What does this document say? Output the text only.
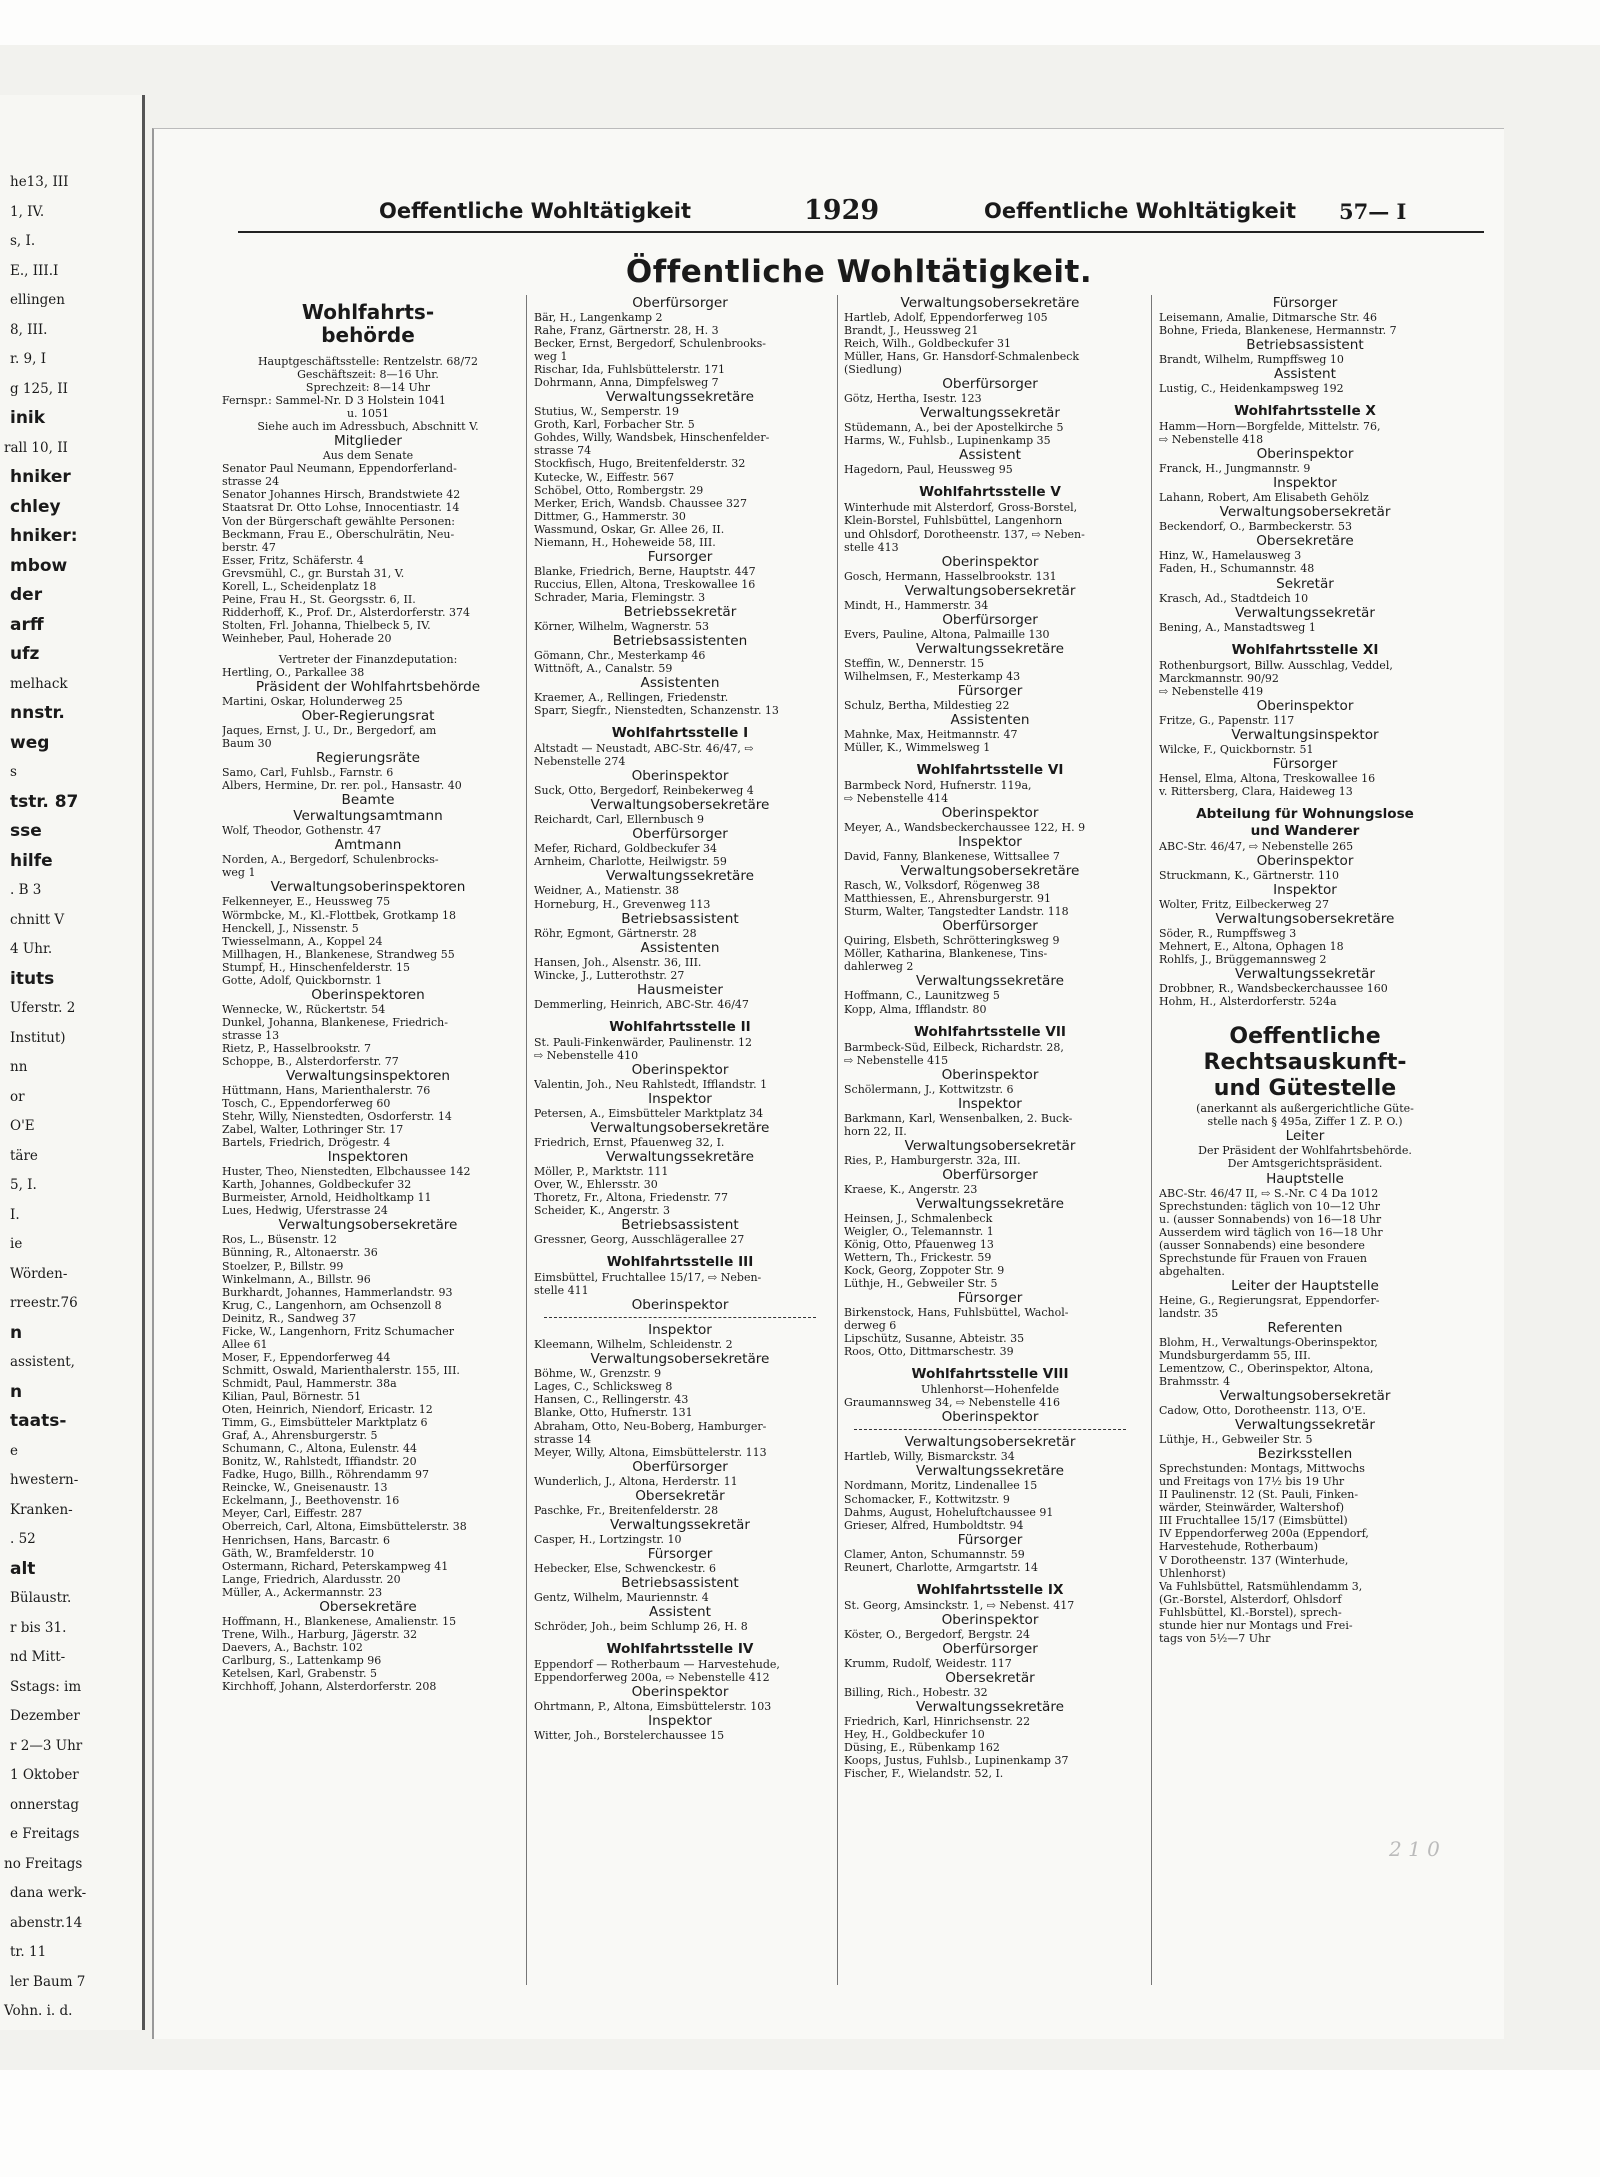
he13, III
1, IV.
s, I.
E., III.I
ellingen
8, III.
r. 9, I
g 125, II
inik
rall 10, II
hniker
chley
hniker:
mbow
der
arff
ufz
melhack
nnstr.
weg
s
tstr. 87
sse
hilfe
. B 3
chnitt V
4 Uhr.
ituts
Uferstr. 2
Institut)
nn
or
O'E
täre
5, I.
I.
ie
Wörden-
rreestr.76
n
assistent,
n
taats-
e
hwestern-
Kranken-
. 52
alt
Bülaustr.
r bis 31.
nd Mitt-
Sstags: im
Dezember
r 2—3 Uhr
1 Oktober
onnerstag
e Freitags
no Freitags
dana werk-
abenstr.14
tr. 11
ler Baum 7
Vohn. i. d.
Oeffentliche Wohltätigkeit	1929	Oeffentliche Wohltätigkeit 57— I
Öffentliche Wohltätigkeit.
Wohlfahrts-
behörde
Hauptgeschäftsstelle: Rentzelstr. 68/72
Geschäftszeit: 8—16 Uhr.
Sprechzeit: 8—14 Uhr
Fernspr.: Sammel-Nr. D 3 Holstein 1041
u. 1051
Siehe auch im Adressbuch, Abschnitt V.
Mitglieder
Aus dem Senate
Senator Paul Neumann, Eppendorferland-
strasse 24
Senator Johannes Hirsch, Brandstwiete 42
Staatsrat Dr. Otto Lohse, Innocentiastr. 14
Von der Bürgerschaft gewählte Personen:
Beckmann, Frau E., Oberschulrätin, Neu-
berstr. 47
Esser, Fritz, Schäferstr. 4
Grevsmühl, C., gr. Burstah 31, V.
Korell, L., Scheidenplatz 18
Peine, Frau H., St. Georgsstr. 6, II.
Ridderhoff, K., Prof. Dr., Alsterdorferstr. 374
Stolten, Frl. Johanna, Thielbeck 5, IV.
Weinheber, Paul, Hoherade 20
Vertreter der Finanzdeputation:
Hertling, O., Parkallee 38
Präsident der Wohlfahrtsbehörde
Martini, Oskar, Holunderweg 25
Ober-Regierungsrat
Jaques, Ernst, J. U., Dr., Bergedorf, am
Baum 30
Regierungsräte
Samo, Carl, Fuhlsb., Farnstr. 6
Albers, Hermine, Dr. rer. pol., Hansastr. 40
Beamte
Verwaltungsamtmann
Wolf, Theodor, Gothenstr. 47
Amtmann
Norden, A., Bergedorf, Schulenbrocks-
weg 1
Verwaltungsoberinspektoren
Felkenneyer, E., Heussweg 75
Wörmbcke, M., Kl.-Flottbek, Grotkamp 18
Henckell, J., Nissenstr. 5
Twiesselmann, A., Koppel 24
Millhagen, H., Blankenese, Strandweg 55
Stumpf, H., Hinschenfelderstr. 15
Gotte, Adolf, Quickbornstr. 1
Oberinspektoren
Wennecke, W., Rückertstr. 54
Dunkel, Johanna, Blankenese, Friedrich-
strasse 13
Rietz, P., Hasselbrookstr. 7
Schoppe, B., Alsterdorferstr. 77
Verwaltungsinspektoren
Hüttmann, Hans, Marienthalerstr. 76
Tosch, C., Eppendorferweg 60
Stehr, Willy, Nienstedten, Osdorferstr. 14
Zabel, Walter, Lothringer Str. 17
Bartels, Friedrich, Drögestr. 4
Inspektoren
Huster, Theo, Nienstedten, Elbchaussee 142
Karth, Johannes, Goldbeckufer 32
Burmeister, Arnold, Heidholtkamp 11
Lues, Hedwig, Uferstrasse 24
Verwaltungsobersekretäre
Ros, L., Büsenstr. 12
Bünning, R., Altonaerstr. 36
Stoelzer, P., Billstr. 99
Winkelmann, A., Billstr. 96
Burkhardt, Johannes, Hammerlandstr. 93
Krug, C., Langenhorn, am Ochsenzoll 8
Deinitz, R., Sandweg 37
Ficke, W., Langenhorn, Fritz Schumacher
Allee 61
Moser, F., Eppendorferweg 44
Schmitt, Oswald, Marienthalerstr. 155, III.
Schmidt, Paul, Hammerstr. 38a
Kilian, Paul, Börnestr. 51
Oten, Heinrich, Niendorf, Ericastr. 12
Timm, G., Eimsbütteler Marktplatz 6
Graf, A., Ahrensburgerstr. 5
Schumann, C., Altona, Eulenstr. 44
Bonitz, W., Rahlstedt, Iffiandstr. 20
Fadke, Hugo, Billh., Röhrendamm 97
Reincke, W., Gneisenaustr. 13
Eckelmann, J., Beethovenstr. 16
Meyer, Carl, Eiffestr. 287
Oberreich, Carl, Altona, Eimsbüttelerstr. 38
Henrichsen, Hans, Barcastr. 6
Gäth, W., Bramfelderstr. 10
Ostermann, Richard, Peterskampweg 41
Lange, Friedrich, Alardusstr. 20
Müller, A., Ackermannstr. 23
Obersekretäre
Hoffmann, H., Blankenese, Amalienstr. 15
Trene, Wilh., Harburg, Jägerstr. 32
Daevers, A., Bachstr. 102
Carlburg, S., Lattenkamp 96
Ketelsen, Karl, Grabenstr. 5
Kirchhoff, Johann, Alsterdorferstr. 208
Oberfürsorger
Bär, H., Langenkamp 2
Rahe, Franz, Gärtnerstr. 28, H. 3
Becker, Ernst, Bergedorf, Schulenbrooks-
weg 1
Rischar, Ida, Fuhlsbüttelerstr. 171
Dohrmann, Anna, Dimpfelsweg 7
Verwaltungssekretäre
Stutius, W., Semperstr. 19
Groth, Karl, Forbacher Str. 5
Gohdes, Willy, Wandsbek, Hinschenfelder-
strasse 74
Stockfisch, Hugo, Breitenfelderstr. 32
Kutecke, W., Eiffestr. 567
Schöbel, Otto, Rombergstr. 29
Merker, Erich, Wandsb. Chaussee 327
Dittmer, G., Hammerstr. 30
Wassmund, Oskar, Gr. Allee 26, II.
Niemann, H., Hoheweide 58, III.
Fursorger
Blanke, Friedrich, Berne, Hauptstr. 447
Ruccius, Ellen, Altona, Treskowallee 16
Schrader, Maria, Flemingstr. 3
Betriebssekretär
Körner, Wilhelm, Wagnerstr. 53
Betriebsassistenten
Gömann, Chr., Mesterkamp 46
Wittnöft, A., Canalstr. 59
Assistenten
Kraemer, A., Rellingen, Friedenstr.
Sparr, Siegfr., Nienstedten, Schanzenstr. 13
Wohlfahrtsstelle I
Altstadt — Neustadt, ABC-Str. 46/47, ⇨
Nebenstelle 274
Oberinspektor
Suck, Otto, Bergedorf, Reinbekerweg 4
Verwaltungsobersekretäre
Reichardt, Carl, Ellernbusch 9
Oberfürsorger
Mefer, Richard, Goldbeckufer 34
Arnheim, Charlotte, Heilwigstr. 59
Verwaltungssekretäre
Weidner, A., Matienstr. 38
Horneburg, H., Grevenweg 113
Betriebsassistent
Röhr, Egmont, Gärtnerstr. 28
Assistenten
Hansen, Joh., Alsenstr. 36, III.
Wincke, J., Lutterothstr. 27
Hausmeister
Demmerling, Heinrich, ABC-Str. 46/47
Wohlfahrtsstelle II
St. Pauli-Finkenwärder, Paulinenstr. 12
⇨ Nebenstelle 410
Oberinspektor
Valentin, Joh., Neu Rahlstedt, Ifflandstr. 1
Inspektor
Petersen, A., Eimsbütteler Marktplatz 34
Verwaltungsobersekretäre
Friedrich, Ernst, Pfauenweg 32, I.
Verwaltungssekretäre
Möller, P., Marktstr. 111
Over, W., Ehlersstr. 30
Thoretz, Fr., Altona, Friedenstr. 77
Scheider, K., Angerstr. 3
Betriebsassistent
Gressner, Georg, Ausschlägerallee 27
Wohlfahrtsstelle III
Eimsbüttel, Fruchtallee 15/17, ⇨ Neben-
stelle 411
Oberinspektor
Inspektor
Kleemann, Wilhelm, Schleidenstr. 2
Verwaltungsobersekretäre
Böhme, W., Grenzstr. 9
Lages, C., Schlicksweg 8
Hansen, C., Rellingerstr. 43
Blanke, Otto, Hufnerstr. 131
Abraham, Otto, Neu-Boberg, Hamburger-
strasse 14
Meyer, Willy, Altona, Eimsbüttelerstr. 113
Oberfürsorger
Wunderlich, J., Altona, Herderstr. 11
Obersekretär
Paschke, Fr., Breitenfelderstr. 28
Verwaltungssekretär
Casper, H., Lortzingstr. 10
Fürsorger
Hebecker, Else, Schwenckestr. 6
Betriebsassistent
Gentz, Wilhelm, Mauriennstr. 4
Assistent
Schröder, Joh., beim Schlump 26, H. 8
Wohlfahrtsstelle IV
Eppendorf — Rotherbaum — Harvestehude,
Eppendorferweg 200a, ⇨ Nebenstelle 412
Oberinspektor
Ohrtmann, P., Altona, Eimsbüttelerstr. 103
Inspektor
Witter, Joh., Borstelerchaussee 15
Verwaltungsobersekretäre
Hartleb, Adolf, Eppendorferweg 105
Brandt, J., Heussweg 21
Reich, Wilh., Goldbeckufer 31
Müller, Hans, Gr. Hansdorf-Schmalenbeck
(Siedlung)
Oberfürsorger
Götz, Hertha, Isestr. 123
Verwaltungssekretär
Stüdemann, A., bei der Apostelkirche 5
Harms, W., Fuhlsb., Lupinenkamp 35
Assistent
Hagedorn, Paul, Heussweg 95
Wohlfahrtsstelle V
Winterhude mit Alsterdorf, Gross-Borstel,
Klein-Borstel, Fuhlsbüttel, Langenhorn
und Ohlsdorf, Dorotheenstr. 137, ⇨ Neben-
stelle 413
Oberinspektor
Gosch, Hermann, Hasselbrookstr. 131
Verwaltungsobersekretär
Mindt, H., Hammerstr. 34
Oberfürsorger
Evers, Pauline, Altona, Palmaille 130
Verwaltungssekretäre
Steffin, W., Dennerstr. 15
Wilhelmsen, F., Mesterkamp 43
Fürsorger
Schulz, Bertha, Mildestieg 22
Assistenten
Mahnke, Max, Heitmannstr. 47
Müller, K., Wimmelsweg 1
Wohlfahrtsstelle VI
Barmbeck Nord, Hufnerstr. 119a,
⇨ Nebenstelle 414
Oberinspektor
Meyer, A., Wandsbeckerchaussee 122, H. 9
Inspektor
David, Fanny, Blankenese, Wittsallee 7
Verwaltungsobersekretäre
Rasch, W., Volksdorf, Rögenweg 38
Matthiessen, E., Ahrensburgerstr. 91
Sturm, Walter, Tangstedter Landstr. 118
Oberfürsorger
Quiring, Elsbeth, Schrötteringksweg 9
Möller, Katharina, Blankenese, Tins-
dahlerweg 2
Verwaltungssekretäre
Hoffmann, C., Launitzweg 5
Kopp, Alma, Ifflandstr. 80
Wohlfahrtsstelle VII
Barmbeck-Süd, Eilbeck, Richardstr. 28,
⇨ Nebenstelle 415
Oberinspektor
Schölermann, J., Kottwitzstr. 6
Inspektor
Barkmann, Karl, Wensenbalken, 2. Buck-
horn 22, II.
Verwaltungsobersekretär
Ries, P., Hamburgerstr. 32a, III.
Oberfürsorger
Kraese, K., Angerstr. 23
Verwaltungssekretäre
Heinsen, J., Schmalenbeck
Weigler, O., Telemannstr. 1
König, Otto, Pfauenweg 13
Wettern, Th., Frickestr. 59
Kock, Georg, Zoppoter Str. 9
Lüthje, H., Gebweiler Str. 5
Fürsorger
Birkenstock, Hans, Fuhlsbüttel, Wachol-
derweg 6
Lipschütz, Susanne, Abteistr. 35
Roos, Otto, Dittmarschestr. 39
Wohlfahrtsstelle VIII
Uhlenhorst—Hohenfelde
Graumannsweg 34, ⇨ Nebenstelle 416
Oberinspektor
Verwaltungsobersekretär
Hartleb, Willy, Bismarckstr. 34
Verwaltungssekretäre
Nordmann, Moritz, Lindenallee 15
Schomacker, F., Kottwitzstr. 9
Dahms, August, Hoheluftchaussee 91
Grieser, Alfred, Humboldtstr. 94
Fürsorger
Clamer, Anton, Schumannstr. 59
Reunert, Charlotte, Armgartstr. 14
Wohlfahrtsstelle IX
St. Georg, Amsinckstr. 1, ⇨ Nebenst. 417
Oberinspektor
Köster, O., Bergedorf, Bergstr. 24
Oberfürsorger
Krumm, Rudolf, Weidestr. 117
Obersekretär
Billing, Rich., Hobestr. 32
Verwaltungssekretäre
Friedrich, Karl, Hinrichsenstr. 22
Hey, H., Goldbeckufer 10
Düsing, E., Rübenkamp 162
Koops, Justus, Fuhlsb., Lupinenkamp 37
Fischer, F., Wielandstr. 52, I.
Fürsorger
Leisemann, Amalie, Ditmarsche Str. 46
Bohne, Frieda, Blankenese, Hermannstr. 7
Betriebsassistent
Brandt, Wilhelm, Rumpffsweg 10
Assistent
Lustig, C., Heidenkampsweg 192
Wohlfahrtsstelle X
Hamm—Horn—Borgfelde, Mittelstr. 76,
⇨ Nebenstelle 418
Oberinspektor
Franck, H., Jungmannstr. 9
Inspektor
Lahann, Robert, Am Elisabeth Gehölz
Verwaltungsobersekretär
Beckendorf, O., Barmbeckerstr. 53
Obersekretäre
Hinz, W., Hamelausweg 3
Faden, H., Schumannstr. 48
Sekretär
Krasch, Ad., Stadtdeich 10
Verwaltungssekretär
Bening, A., Manstadtsweg 1
Wohlfahrtsstelle XI
Rothenburgsort, Billw. Ausschlag, Veddel,
Marckmannstr. 90/92
⇨ Nebenstelle 419
Oberinspektor
Fritze, G., Papenstr. 117
Verwaltungsinspektor
Wilcke, F., Quickbornstr. 51
Fürsorger
Hensel, Elma, Altona, Treskowallee 16
v. Rittersberg, Clara, Haideweg 13
Abteilung für Wohnungslose
und Wanderer
ABC-Str. 46/47, ⇨ Nebenstelle 265
Oberinspektor
Struckmann, K., Gärtnerstr. 110
Inspektor
Wolter, Fritz, Eilbeckerweg 27
Verwaltungsobersekretäre
Söder, R., Rumpffsweg 3
Mehnert, E., Altona, Ophagen 18
Rohlfs, J., Brüggemannsweg 2
Verwaltungssekretär
Drobbner, R., Wandsbeckerchaussee 160
Hohm, H., Alsterdorferstr. 524a
Oeffentliche
Rechtsauskunft-
und Gütestelle
(anerkannt als außergerichtliche Güte-
stelle nach § 495a, Ziffer 1 Z. P. O.)
Leiter
Der Präsident der Wohlfahrtsbehörde.
Der Amtsgerichtspräsident.
Hauptstelle
ABC-Str. 46/47 II, ⇨ S.-Nr. C 4 Da 1012
Sprechstunden: täglich von 10—12 Uhr
u. (ausser Sonnabends) von 16—18 Uhr
Ausserdem wird täglich von 16—18 Uhr
(ausser Sonnabends) eine besondere
Sprechstunde für Frauen von Frauen
abgehalten.
Leiter der Hauptstelle
Heine, G., Regierungsrat, Eppendorfer-
landstr. 35
Referenten
Blohm, H., Verwaltungs-Oberinspektor,
Mundsburgerdamm 55, III.
Lementzow, C., Oberinspektor, Altona,
Brahmsstr. 4
Verwaltungsobersekretär
Cadow, Otto, Dorotheenstr. 113, O'E.
Verwaltungssekretär
Lüthje, H., Gebweiler Str. 5
Bezirksstellen
Sprechstunden: Montags, Mittwochs
und Freitags von 17½ bis 19 Uhr
II Paulinenstr. 12 (St. Pauli, Finken-
wärder, Steinwärder, Waltershof)
III Fruchtallee 15/17 (Eimsbüttel)
IV Eppendorferweg 200a (Eppendorf,
Harvestehude, Rotherbaum)
V Dorotheenstr. 137 (Winterhude,
Uhlenhorst)
Va Fuhlsbüttel, Ratsmühlendamm 3,
(Gr.-Borstel, Alsterdorf, Ohlsdorf
Fuhlsbüttel, Kl.-Borstel), sprech-
stunde hier nur Montags und Frei-
tags von 5½—7 Uhr
2 1 0
